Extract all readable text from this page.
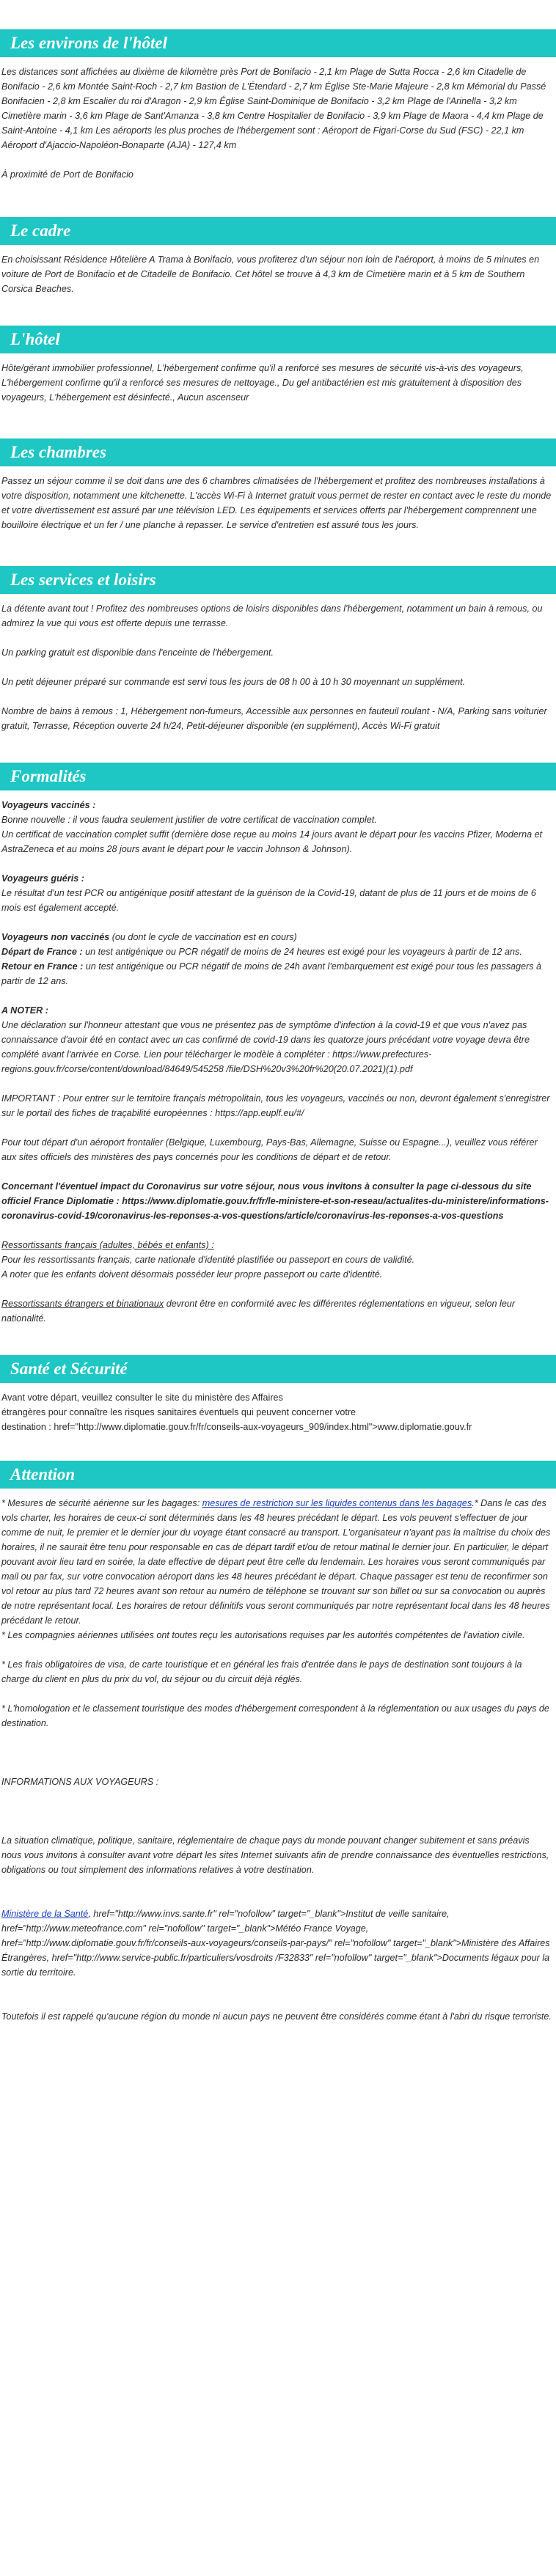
Les environs de l'hôtel

Les distances sont affichées au dixième de kilomètre près Port de Bonifacio - 2,1 km Plage de Sutta Rocca - 2,6 km Citadelle de Bonifacio - 2,6 km Montée Saint-Roch - 2,7 km Bastion de L'Étendard - 2,7 km Église Ste-Marie Majeure - 2,8 km Mémorial du Passé Bonifacien - 2,8 km Escalier du roi d'Aragon - 2,9 km Église Saint-Dominique de Bonifacio - 3,2 km Plage de l'Arinella - 3,2 km Cimetière marin - 3,6 km Plage de Sant'Amanza - 3,8 km Centre Hospitalier de Bonifacio - 3,9 km Plage de Maora - 4,4 km Plage de Saint-Antoine - 4,1 km Les aéroports les plus proches de l'hébergement sont : Aéroport de Figari-Corse du Sud (FSC) - 22,1 km Aéroport d'Ajaccio-Napoléon-Bonaparte (AJA) - 127,4 km

À proximité de Port de Bonifacio

Le cadre

En choisissant Résidence Hôtelière A Trama à Bonifacio, vous profiterez d'un séjour non loin de l'aéroport, à moins de 5 minutes en voiture de Port de Bonifacio et de Citadelle de Bonifacio. Cet hôtel se trouve à 4,3 km de Cimetière marin et à 5 km de Southern Corsica Beaches.

L'hôtel

Hôte/gérant immobilier professionnel, L'hébergement confirme qu'il a renforcé ses mesures de sécurité vis-à-vis des voyageurs, L'hébergement confirme qu'il a renforcé ses mesures de nettoyage., Du gel antibactérien est mis gratuitement à disposition des voyageurs, L'hébergement est désinfecté., Aucun ascenseur

Les chambres

Passez un séjour comme il se doit dans une des 6 chambres climatisées de l'hébergement et profitez des nombreuses installations à votre disposition, notamment une kitchenette. L'accès Wi-Fi à Internet gratuit vous permet de rester en contact avec le reste du monde et votre divertissement est assuré par une télévision LED. Les équipements et services offerts par l'hébergement comprennent une bouilloire électrique et un fer / une planche à repasser. Le service d'entretien est assuré tous les jours.

Les services et loisirs

La détente avant tout ! Profitez des nombreuses options de loisirs disponibles dans l'hébergement, notamment un bain à remous, ou admirez la vue qui vous est offerte depuis une terrasse.

Un parking gratuit est disponible dans l'enceinte de l'hébergement.

Un petit déjeuner préparé sur commande est servi tous les jours de 08 h 00 à 10 h 30 moyennant un supplément.

Nombre de bains à remous : 1, Hébergement non-fumeurs, Accessible aux personnes en fauteuil roulant - N/A, Parking sans voiturier gratuit, Terrasse, Réception ouverte 24 h/24, Petit-déjeuner disponible (en supplément), Accès Wi-Fi gratuit

Formalités

Voyageurs vaccinés :

Bonne nouvelle : il vous faudra seulement justifier de votre certificat de vaccination complet.

Un certificat de vaccination complet suffit (dernière dose reçue au moins 14 jours avant le départ pour les vaccins Pfizer, Moderna et AstraZeneca et au moins 28 jours avant le départ pour le vaccin Johnson & Johnson).

Voyageurs guéris :

Le résultat d'un test PCR ou antigénique positif attestant de la guérison de la Covid-19, datant de plus de 11 jours et de moins de 6 mois est également accepté.

Voyageurs non vaccinés (ou dont le cycle de vaccination est en cours)

Départ de France : un test antigénique ou PCR négatif de moins de 24 heures est exigé pour les voyageurs à partir de 12 ans.

Retour en France : un test antigénique ou PCR négatif de moins de 24h avant l'embarquement est exigé pour tous les passagers à partir de 12 ans.

A NOTER :

Une déclaration sur l'honneur attestant que vous ne présentez pas de symptôme d'infection à la covid-19 et que vous n'avez pas connaissance d'avoir été en contact avec un cas confirmé de covid-19 dans les quatorze jours précédant votre voyage devra être complété avant l'arrivée en Corse. Lien pour télécharger le modèle à compléter : https://www.prefectures-regions.gouv.fr/corse/content/download/84649/545258 /file/DSH%20v3%20fr%20(20.07.2021)(1).pdf

IMPORTANT : Pour entrer sur le territoire français métropolitain, tous les voyageurs, vaccinés ou non, devront également s'enregistrer sur le portail des fiches de traçabilité européennes : https://app.euplf.eu/#/

Pour tout départ d'un aéroport frontalier (Belgique, Luxembourg, Pays-Bas, Allemagne, Suisse ou Espagne...), veuillez vous référer aux sites officiels des ministères des pays concernés pour les conditions de départ et de retour.

Concernant l'éventuel impact du Coronavirus sur votre séjour, nous vous invitons à consulter la page ci-dessous du site officiel France Diplomatie : https://www.diplomatie.gouv.fr/fr/le-ministere-et-son-reseau/actualites-du-ministere/informations-coronavirus-covid-19/coronavirus-les-reponses-a-vos-questions/article/coronavirus-les-reponses-a-vos-questions

Ressortissants français (adultes, bébés et enfants) :

Pour les ressortissants français, carte nationale d'identité plastifiée ou passeport en cours de validité.

A noter que les enfants doivent désormais posséder leur propre passeport ou carte d'identité.

Ressortissants étrangers et binationaux devront être en conformité avec les différentes réglementations en vigueur, selon leur nationalité.

Santé et Sécurité

Avant votre départ, veuillez consulter le site du ministère des Affaires

étrangères pour connaître les risques sanitaires éventuels qui peuvent concerner votre

destination : href="http://www.diplomatie.gouv.fr/fr/conseils-aux-voyageurs_909/index.html">www.diplomatie.gouv.fr

Attention

* Mesures de sécurité aérienne sur les bagages: mesures de restriction sur les liquides contenus dans les bagages.* Dans le cas des vols charter, les horaires de ceux-ci sont déterminés dans les 48 heures précédant le départ. Les vols peuvent s'effectuer de jour comme de nuit, le premier et le dernier jour du voyage étant consacré au transport. L'organisateur n'ayant pas la maîtrise du choix des horaires, il ne saurait être tenu pour responsable en cas de départ tardif et/ou de retour matinal le dernier jour. En particulier, le départ pouvant avoir lieu tard en soirée, la date effective de départ peut être celle du lendemain. Les horaires vous seront communiqués par mail ou par fax, sur votre convocation aéroport dans les 48 heures précédant le départ. Chaque passager est tenu de reconfirmer son vol retour au plus tard 72 heures avant son retour au numéro de téléphone se trouvant sur son billet ou sur sa convocation ou auprès de notre représentant local. Les horaires de retour définitifs vous seront communiqués par notre représentant local dans les 48 heures précédant le retour.

* Les compagnies aériennes utilisées ont toutes reçu les autorisations requises par les autorités compétentes de l'aviation civile.

* Les frais obligatoires de visa, de carte touristique et en général les frais d'entrée dans le pays de destination sont toujours à la charge du client en plus du prix du vol, du séjour ou du circuit déjà réglés.

* L'homologation et le classement touristique des modes d'hébergement correspondent à la réglementation ou aux usages du pays de destination.

INFORMATIONS AUX VOYAGEURS :

La situation climatique, politique, sanitaire, réglementaire de chaque pays du monde pouvant changer subitement et sans préavis

nous vous invitons à consulter avant votre départ les sites Internet suivants afin de prendre connaissance des éventuelles restrictions, obligations ou tout simplement des informations relatives à votre destination.

Ministère de la Santé, href="http://www.invs.sante.fr" rel="nofollow" target="_blank">Institut de veille sanitaire, href="http://www.meteofrance.com" rel="nofollow" target="_blank">Météo France Voyage, href="http://www.diplomatie.gouv.fr/fr/conseils-aux-voyageurs/conseils-par-pays/" rel="nofollow" target="_blank">Ministère des Affaires Étrangères, href="http://www.service-public.fr/particuliers/vosdroits /F32833" rel="nofollow" target="_blank">Documents légaux pour la sortie du territoire.

Toutefois il est rappelé qu'aucune région du monde ni aucun pays ne peuvent être considérés comme étant à l'abri du risque terroriste.
